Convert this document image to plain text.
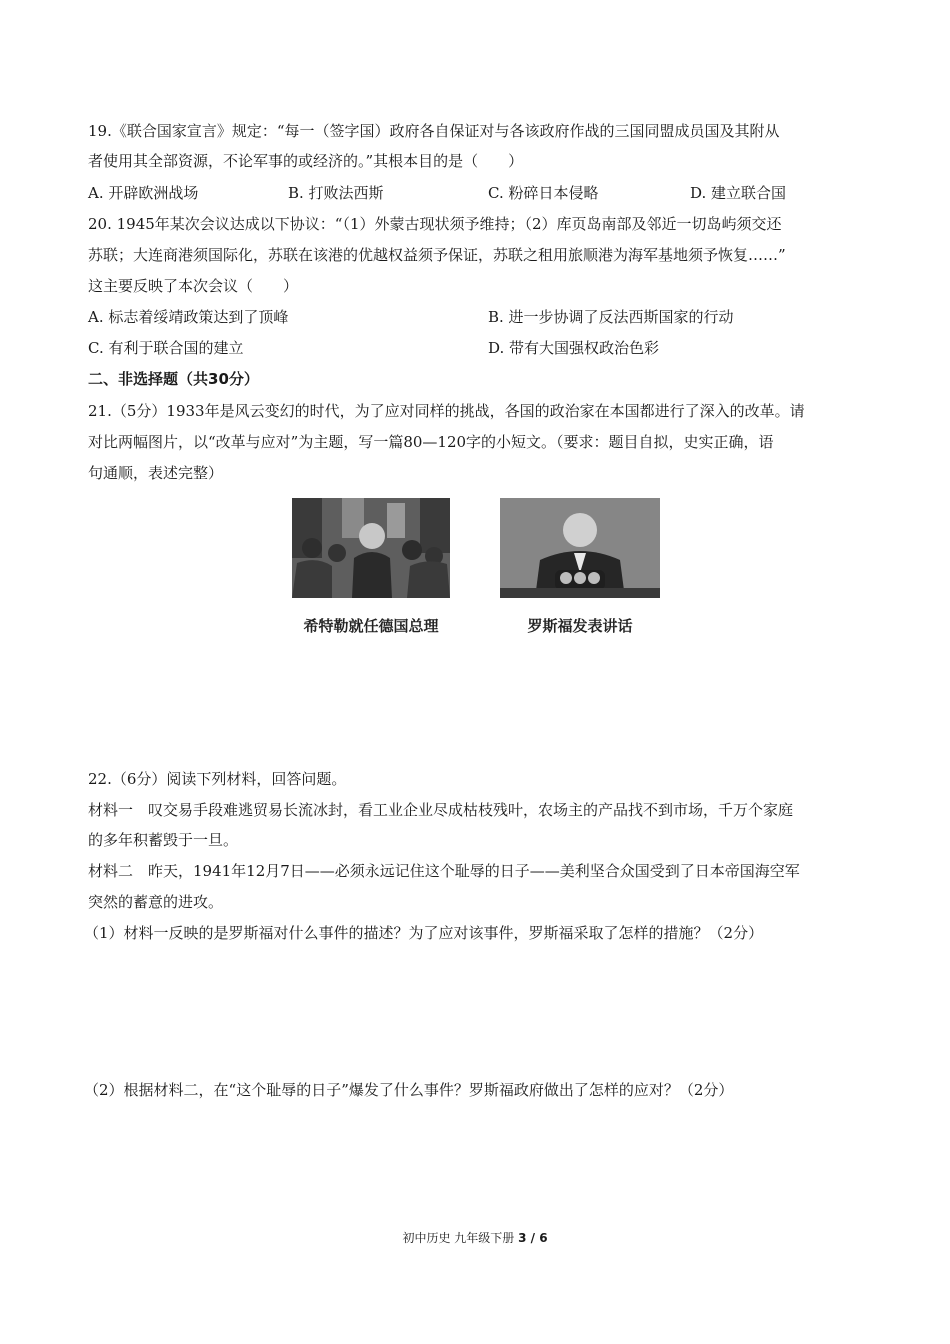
19.《联合国家宣言》规定：“每一（签字国）政府各自保证对与各该政府作战的三国同盟成员国及其附从
者使用其全部资源，不论军事的或经济的。”其根本目的是（　　）
A. 开辟欧洲战场	B. 打败法西斯	C. 粉碎日本侵略	D. 建立联合国
20. 1945年某次会议达成以下协议：“（1）外蒙古现状须予维持；（2）库页岛南部及邻近一切岛屿须交还
苏联；大连商港须国际化，苏联在该港的优越权益须予保证，苏联之租用旅顺港为海军基地须予恢复……”
这主要反映了本次会议（　　）
A. 标志着绥靖政策达到了顶峰	B. 进一步协调了反法西斯国家的行动
C. 有利于联合国的建立	D. 带有大国强权政治色彩
二、非选择题（共30分）
21.（5分）1933年是风云变幻的时代，为了应对同样的挑战，各国的政治家在本国都进行了深入的改革。请
对比两幅图片，以“改革与应对”为主题，写一篇80—120字的小短文。（要求：题目自拟，史实正确，语
句通顺，表述完整）
希特勒就任德国总理	罗斯福发表讲话
22.（6分）阅读下列材料，回答问题。
材料一　叹交易手段难逃贸易长流冰封，看工业企业尽成枯枝残叶，农场主的产品找不到市场，千万个家庭
的多年积蓄毁于一旦。
材料二　昨天，1941年12月7日——必须永远记住这个耻辱的日子——美利坚合众国受到了日本帝国海空军
突然的蓄意的进攻。
（1）材料一反映的是罗斯福对什么事件的描述？为了应对该事件，罗斯福采取了怎样的措施？（2分）
（2）根据材料二，在“这个耻辱的日子”爆发了什么事件？罗斯福政府做出了怎样的应对？（2分）
初中历史 九年级下册 3 / 6
